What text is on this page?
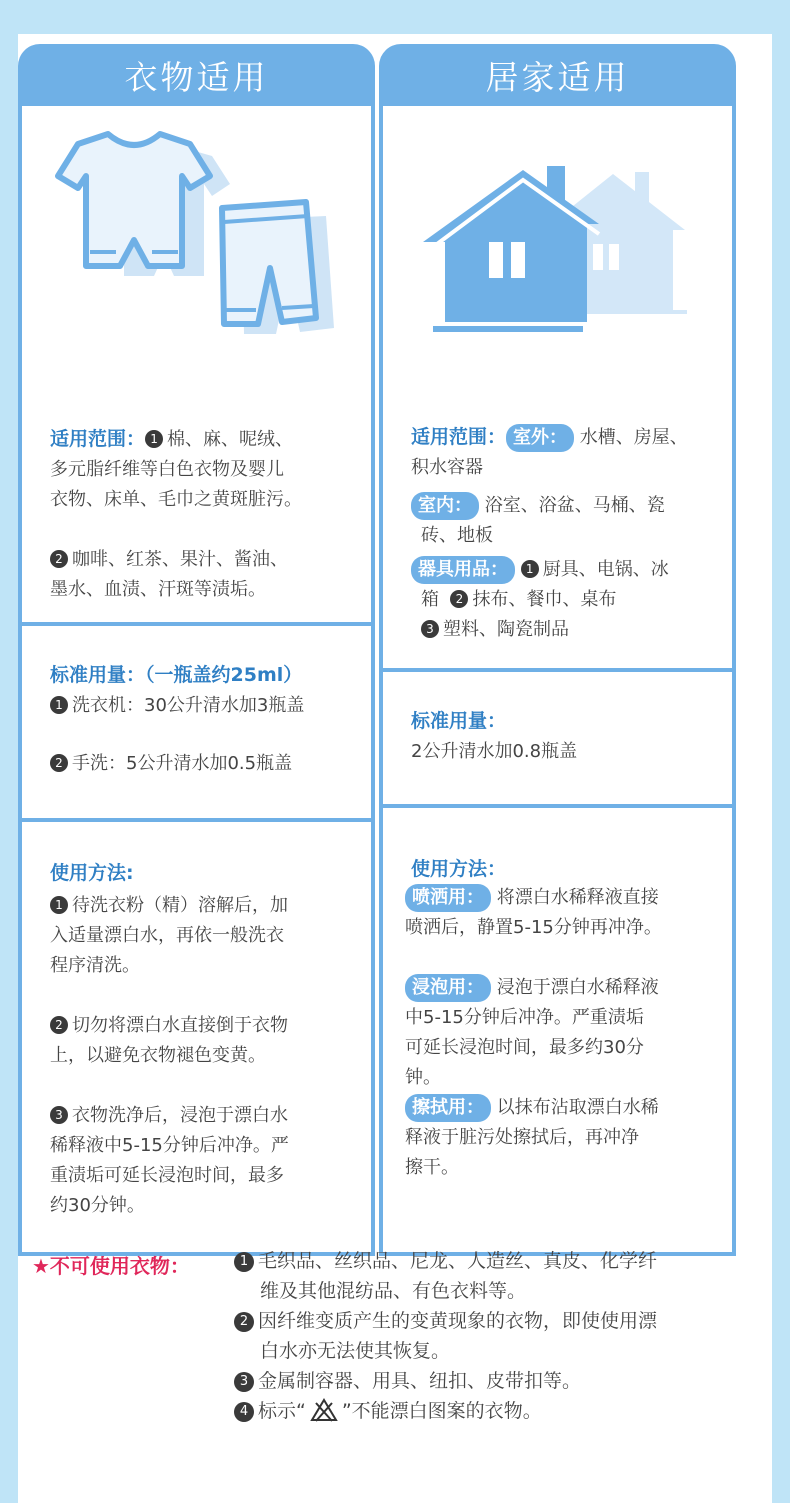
衣物适用
适用范围： 1 棉、麻、呢绒、
多元脂纤维等白色衣物及婴儿
衣物、床单、毛巾之黄斑脏污。
2 咖啡、红茶、果汁、酱油、
墨水、血渍、汗斑等渍垢。
标准用量：（一瓶盖约25ml）
1 洗衣机：30公升清水加3瓶盖
2 手洗：5公升清水加0.5瓶盖
使用方法:
1 待洗衣粉（精）溶解后，加
入适量漂白水，再依一般洗衣
程序清洗。
2 切勿将漂白水直接倒于衣物
上，以避免衣物褪色变黄。
3 衣物洗净后，浸泡于漂白水
稀释液中5-15分钟后冲净。严
重渍垢可延长浸泡时间，最多
约30分钟。
居家适用
适用范围： 室外： 水槽、房屋、
积水容器
室内： 浴室、浴盆、马桶、瓷
砖、地板
器具用品： 1 厨具、电锅、冰
箱 2 抹布、餐巾、桌布
3 塑料、陶瓷制品
标准用量：
2公升清水加0.8瓶盖
使用方法：
喷洒用： 将漂白水稀释液直接
喷洒后，静置5-15分钟再冲净。
浸泡用： 浸泡于漂白水稀释液
中5-15分钟后冲净。严重渍垢
可延长浸泡时间，最多约30分
钟。
擦拭用： 以抹布沾取漂白水稀
释液于脏污处擦拭后，再冲净
擦干。
★不可使用衣物：	1 毛织品、丝织品、尼龙、人造丝、真皮、化学纤
维及其他混纺品、有色衣料等。
2 因纤维变质产生的变黄现象的衣物，即使使用漂
白水亦无法使其恢复。
3 金属制容器、用具、纽扣、皮带扣等。
4 标示“ ”不能漂白图案的衣物。
